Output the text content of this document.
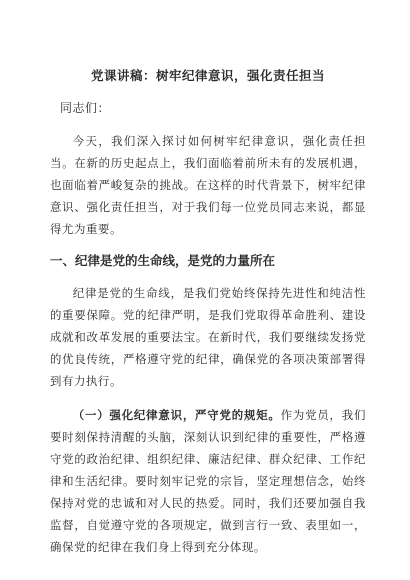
党课讲稿：树牢纪律意识，强化责任担当
同志们：

今天，我们深入探讨如何树牢纪律意识，强化责任担当。在新的历史起点上，我们面临着前所未有的发展机遇，也面临着严峻复杂的挑战。在这样的时代背景下，树牢纪律意识、强化责任担当，对于我们每一位党员同志来说，都显得尤为重要。

一、纪律是党的生命线，是党的力量所在

纪律是党的生命线，是我们党始终保持先进性和纯洁性的重要保障。党的纪律严明，是我们党取得革命胜利、建设成就和改革发展的重要法宝。在新时代，我们要继续发扬党的优良传统，严格遵守党的纪律，确保党的各项决策部署得到有力执行。

（一）强化纪律意识，严守党的规矩。作为党员，我们要时刻保持清醒的头脑，深刻认识到纪律的重要性，严格遵守党的政治纪律、组织纪律、廉洁纪律、群众纪律、工作纪律和生活纪律。要时刻牢记党的宗旨，坚定理想信念，始终保持对党的忠诚和对人民的热爱。同时，我们还要加强自我监督，自觉遵守党的各项规定，做到言行一致、表里如一，确保党的纪律在我们身上得到充分体现。
